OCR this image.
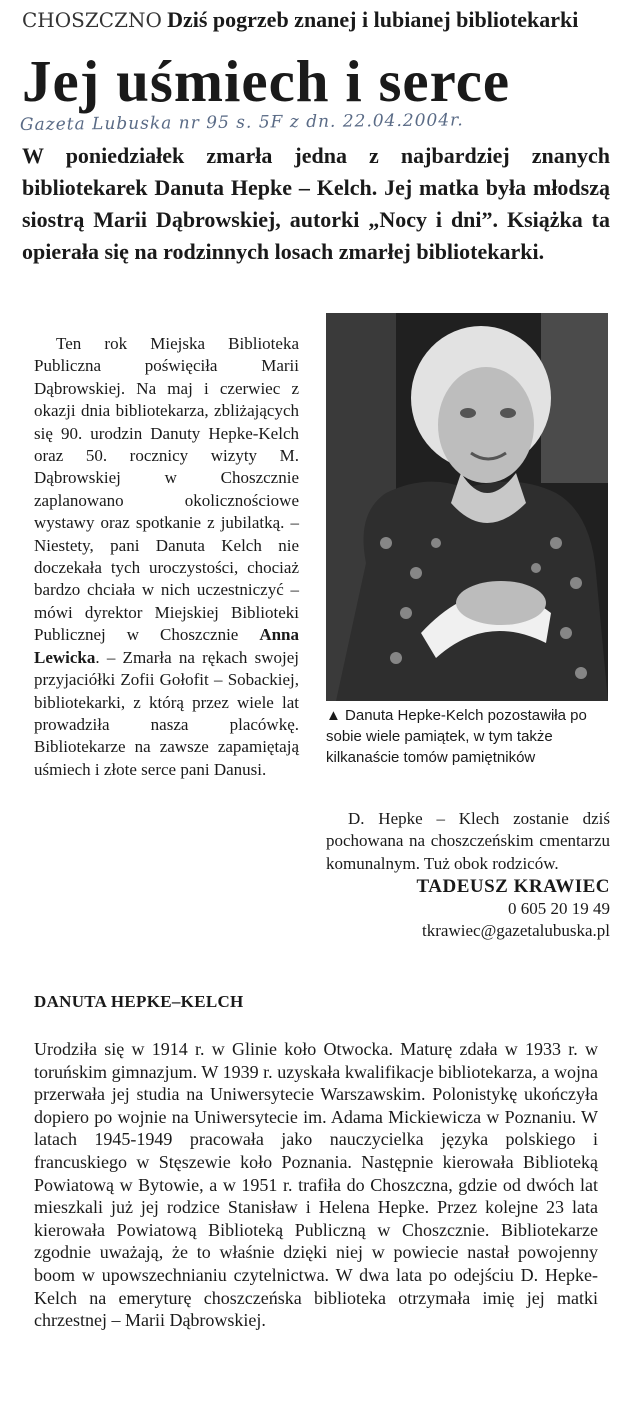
CHOSZCZNO Dziś pogrzeb znanej i lubianej bibliotekarki
Jej uśmiech i serce
Gazeta Lubuska nr 95 s. 5F z dn. 22.04.2004r.
W poniedziałek zmarła jedna z najbardziej znanych bibliotekarek Danuta Hepke – Kelch. Jej matka była młodszą siostrą Marii Dąbrowskiej, autorki „Nocy i dni”. Książka ta opierała się na rodzinnych losach zmarłej bibliotekarki.

Ten rok Miejska Biblioteka Publiczna poświęciła Marii Dąbrowskiej. Na maj i czerwiec z okazji dnia bibliotekarza, zbliżających się 90. urodzin Danuty Hepke-Kelch oraz 50. rocznicy wizyty M. Dąbrowskiej w Choszcznie zaplanowano okolicznościowe wystawy oraz spotkanie z jubilatką. – Niestety, pani Danuta Kelch nie doczekała tych uroczystości, chociaż bardzo chciała w nich uczestniczyć – mówi dyrektor Miejskiej Biblioteki Publicznej w Choszcznie Anna Lewicka. – Zmarła na rękach swojej przyjaciółki Zofii Gołofit – Sobackiej, bibliotekarki, z którą przez wiele lat prowadziła nasza placówkę. Bibliotekarze na zawsze zapamiętają uśmiech i złote serce pani Danusi.

▲ Danuta Hepke-Kelch pozostawiła po sobie wiele pamiątek, w tym także kilkanaście tomów pamiętników

D. Hepke – Klech zostanie dziś pochowana na choszczeńskim cmentarzu komunalnym. Tuż obok rodziców.

TADEUSZ KRAWIEC
0 605 20 19 49
tkrawiec@gazetalubuska.pl
DANUTA HEPKE–KELCH
Urodziła się w 1914 r. w Glinie koło Otwocka. Maturę zdała w 1933 r. w toruńskim gimnazjum. W 1939 r. uzyskała kwalifikacje bibliotekarza, a wojna przerwała jej studia na Uniwersytecie Warszawskim. Polonistykę ukończyła dopiero po wojnie na Uniwersytecie im. Adama Mickiewicza w Poznaniu. W latach 1945-1949 pracowała jako nauczycielka języka polskiego i francuskiego w Stęszewie koło Poznania. Następnie kierowała Biblioteką Powiatową w Bytowie, a w 1951 r. trafiła do Choszczna, gdzie od dwóch lat mieszkali już jej rodzice Stanisław i Helena Hepke. Przez kolejne 23 lata kierowała Powiatową Biblioteką Publiczną w Choszcznie. Bibliotekarze zgodnie uważają, że to właśnie dzięki niej w powiecie nastał powojenny boom w upowszechnianiu czytelnictwa. W dwa lata po odejściu D. Hepke-Kelch na emeryturę choszczeńska biblioteka otrzymała imię jej matki chrzestnej – Marii Dąbrowskiej.
